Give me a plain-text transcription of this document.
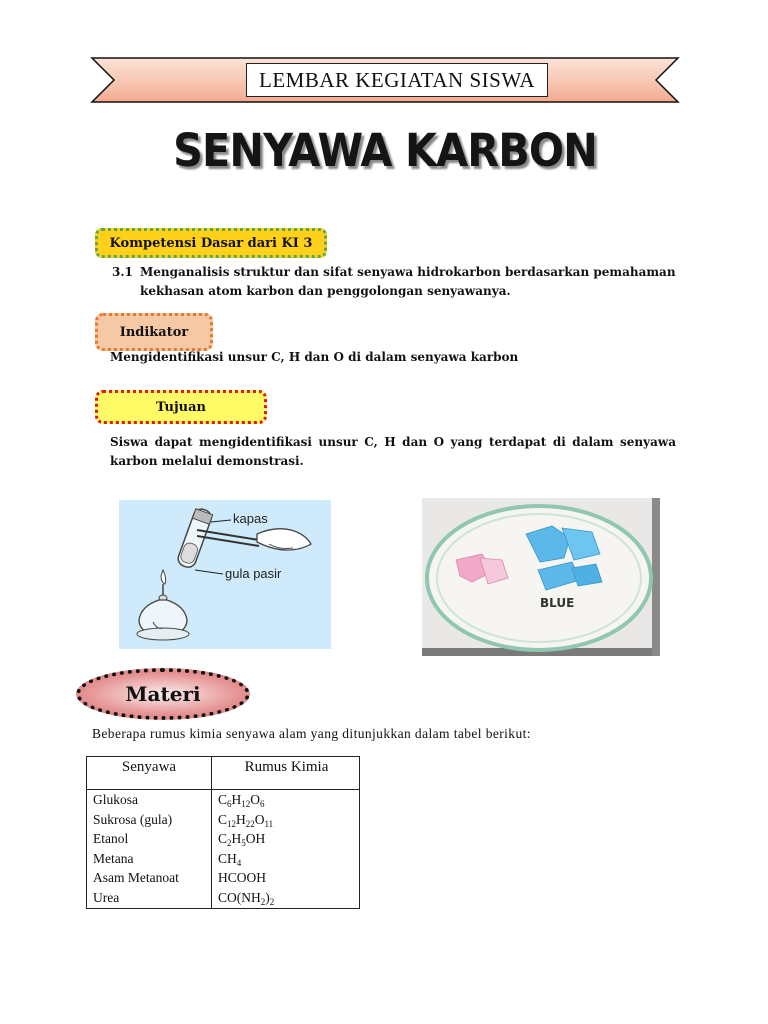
LEMBAR KEGIATAN SISWA
SENYAWA KARBON
Kompetensi Dasar dari KI 3
3.1 Menganalisis struktur dan sifat senyawa hidrokarbon berdasarkan pemahaman
kekhasan atom karbon dan penggolongan senyawanya.
Indikator
Mengidentifikasi unsur C, H dan O di dalam senyawa karbon
Tujuan
Siswa dapat mengidentifikasi unsur C, H dan O yang terdapat di dalam senyawa
karbon melalui demonstrasi.
kapas
gula pasir
BLUE
Materi
Beberapa rumus kimia senyawa alam yang ditunjukkan dalam tabel berikut:
Senyawa	Rumus Kimia
Glukosa	$C_6H_{12}O_6$
Sukrosa (gula)	$C_{12}H_{22}O_{11}$
Etanol	$C_2H_5OH$
Metana	$CH_4$
Asam Metanoat	HCOOH
Urea	$CO(NH_2)_2$
